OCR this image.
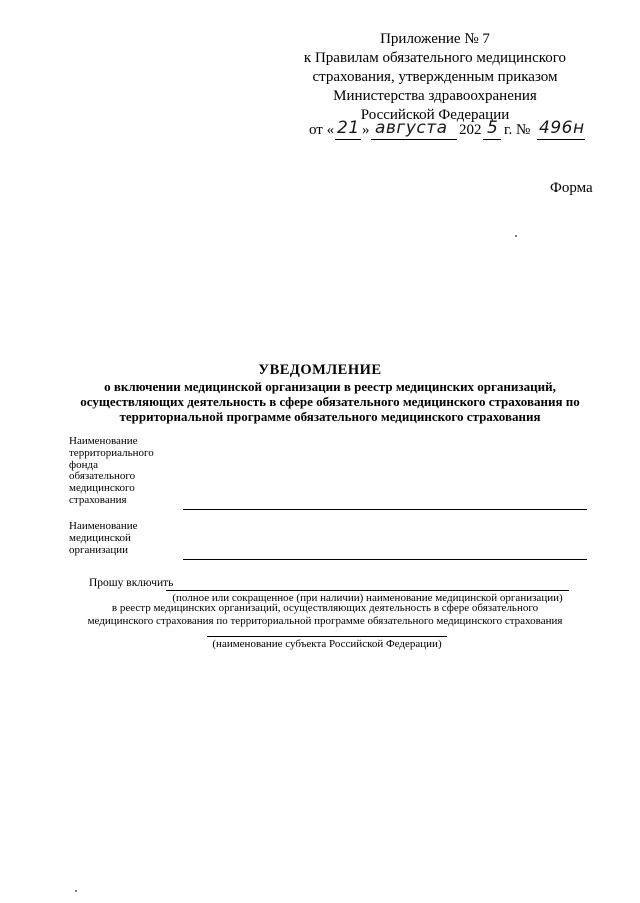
Приложение № 7
к Правилам обязательного медицинского
страхования, утвержденным приказом
Министерства здравоохранения
Российской Федерации
от « 21 » августа 202 5 г. № 496н
Форма
УВЕДОМЛЕНИЕ
о включении медицинской организации в реестр медицинских организаций, осуществляющих деятельность в сфере обязательного медицинского страхования по территориальной программе обязательного медицинского страхования
Наименование
территориального
фонда
обязательного
медицинского
страхования
Наименование
медицинской
организации
Прошу включить
(полное или сокращенное (при наличии) наименование медицинской организации)
в реестр медицинских организаций, осуществляющих деятельность в сфере обязательного медицинского страхования по территориальной программе обязательного медицинского страхования
(наименование субъекта Российской Федерации)
